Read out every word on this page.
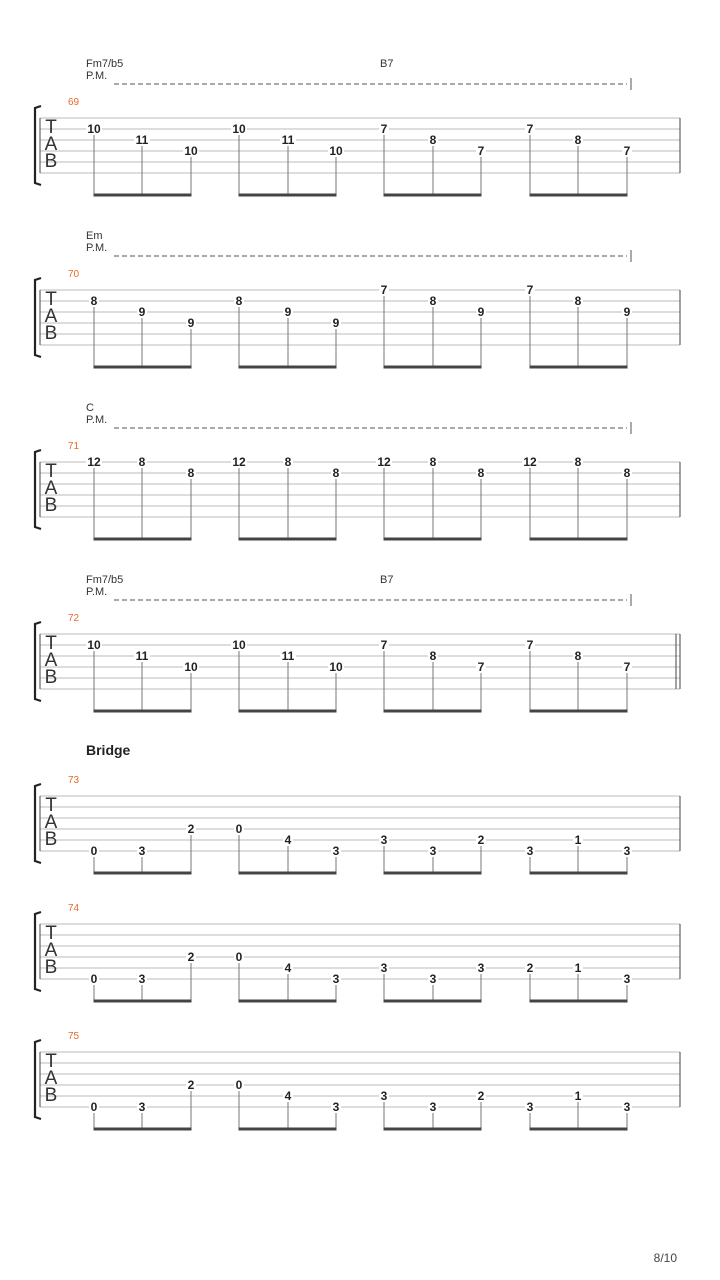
Fm7/b5	B7
P.M.
69
T
A
B
10
11
10
10
11
10
7
8
7
7
8
7
Em
P.M.
70
T
A
B
8
9
9
8
9
9
7
8
9
7
8
9
C
P.M.
71
T
A
B
12	8
8
12	8
8
12	8
8
12	8
8
Fm7/b5	B7
P.M.
72
T
A
B
10
11
10
10
11
10
7
8
7
7
8
7
Bridge
73
T
A
B
0	3
2	0
4
3
3
3
2
3
1
3
74
T
A
B
0	3
2	0
4
3
3
3
3	2	1
3
75
T
A
B
0	3
2	0
4
3
3
3
2
3
1
3
8/10
